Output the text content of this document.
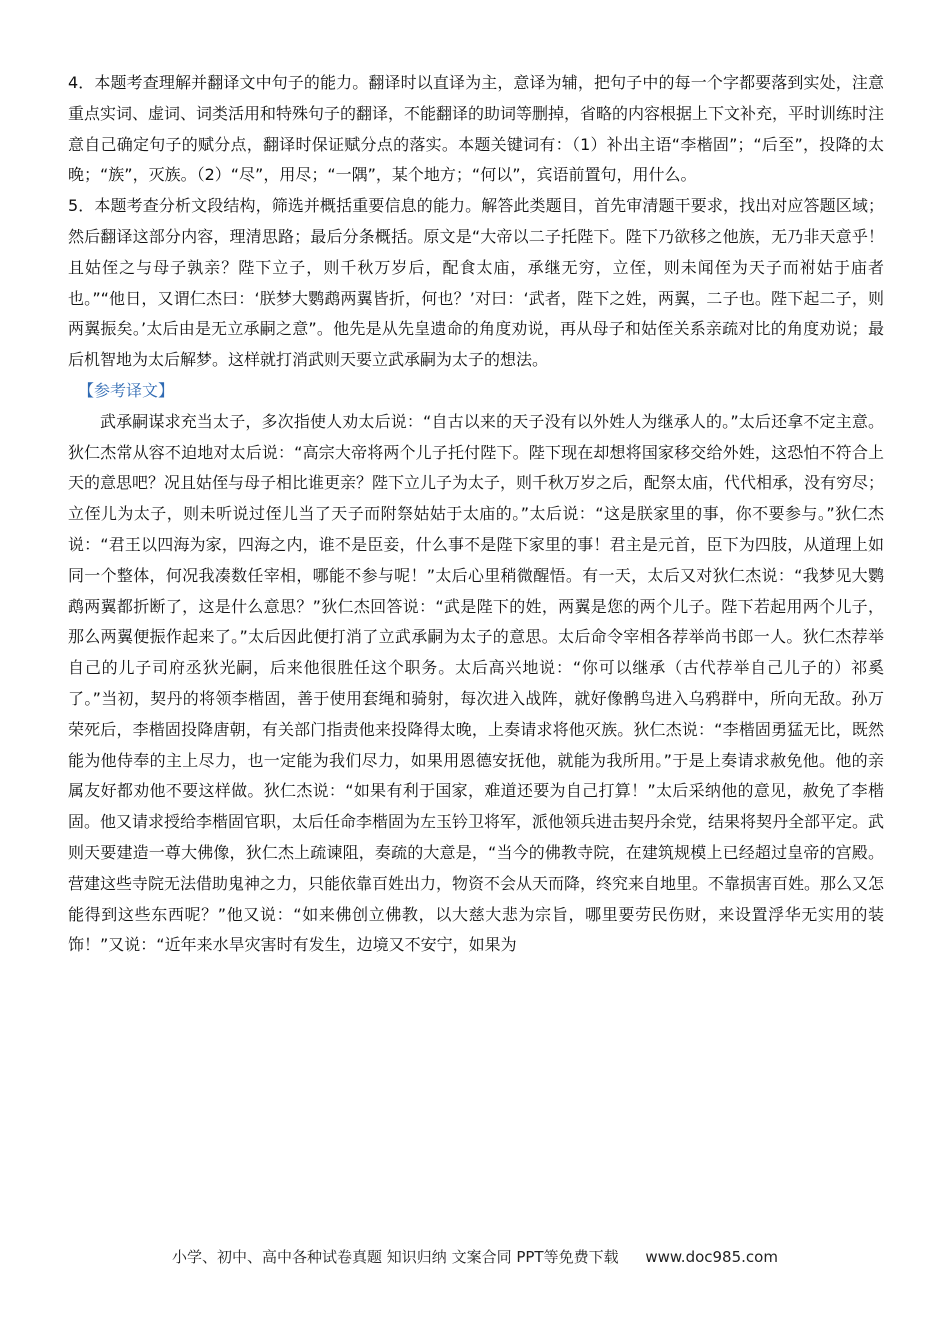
4．本题考查理解并翻译文中句子的能力。翻译时以直译为主，意译为辅，把句子中的每一个字都要落到实处，注意重点实词、虚词、词类活用和特殊句子的翻译，不能翻译的助词等删掉，省略的内容根据上下文补充，平时训练时注意自己确定句子的赋分点，翻译时保证赋分点的落实。本题关键词有：（1）补出主语“李楷固”；“后至”，投降的太晚；“族”，灭族。（2）“尽”，用尽；“一隅”，某个地方；“何以”，宾语前置句，用什么。

5．本题考查分析文段结构，筛选并概括重要信息的能力。解答此类题目，首先审清题干要求，找出对应答题区域；然后翻译这部分内容，理清思路；最后分条概括。原文是“大帝以二子托陛下。陛下乃欲移之他族，无乃非天意乎！且姑侄之与母子孰亲？陛下立子，则千秋万岁后，配食太庙，承继无穷，立侄，则未闻侄为天子而祔姑于庙者也。”“他日，又谓仁杰曰：‘朕梦大鹦鹉两翼皆折，何也？’对曰：‘武者，陛下之姓，两翼，二子也。陛下起二子，则两翼振矣。’太后由是无立承嗣之意”。他先是从先皇遗命的角度劝说，再从母子和姑侄关系亲疏对比的角度劝说；最后机智地为太后解梦。这样就打消武则天要立武承嗣为太子的想法。

【参考译文】

武承嗣谋求充当太子，多次指使人劝太后说：“自古以来的天子没有以外姓人为继承人的。”太后还拿不定主意。狄仁杰常从容不迫地对太后说：“高宗大帝将两个儿子托付陛下。陛下现在却想将国家移交给外姓，这恐怕不符合上天的意思吧？况且姑侄与母子相比谁更亲？陛下立儿子为太子，则千秋万岁之后，配祭太庙，代代相承，没有穷尽；立侄儿为太子，则未听说过侄儿当了天子而附祭姑姑于太庙的。”太后说：“这是朕家里的事，你不要参与。”狄仁杰说：“君王以四海为家，四海之内，谁不是臣妾，什么事不是陛下家里的事！君主是元首，臣下为四肢，从道理上如同一个整体，何况我凑数任宰相，哪能不参与呢！”太后心里稍微醒悟。有一天，太后又对狄仁杰说：“我梦见大鹦鹉两翼都折断了，这是什么意思？”狄仁杰回答说：“武是陛下的姓，两翼是您的两个儿子。陛下若起用两个儿子，那么两翼便振作起来了。”太后因此便打消了立武承嗣为太子的意思。太后命令宰相各荐举尚书郎一人。狄仁杰荐举自己的儿子司府丞狄光嗣，后来他很胜任这个职务。太后高兴地说：“你可以继承（古代荐举自己儿子的）祁奚了。”当初，契丹的将领李楷固，善于使用套绳和骑射，每次进入战阵，就好像鹘鸟进入乌鸦群中，所向无敌。孙万荣死后，李楷固投降唐朝，有关部门指责他来投降得太晚，上奏请求将他灭族。狄仁杰说：“李楷固勇猛无比，既然能为他侍奉的主上尽力，也一定能为我们尽力，如果用恩德安抚他，就能为我所用。”于是上奏请求赦免他。他的亲属友好都劝他不要这样做。狄仁杰说：“如果有利于国家，难道还要为自己打算！”太后采纳他的意见，赦免了李楷固。他又请求授给李楷固官职，太后任命李楷固为左玉钤卫将军，派他领兵进击契丹余党，结果将契丹全部平定。武则天要建造一尊大佛像，狄仁杰上疏谏阻，奏疏的大意是，“当今的佛教寺院，在建筑规模上已经超过皇帝的宫殿。营建这些寺院无法借助鬼神之力，只能依靠百姓出力，物资不会从天而降，终究来自地里。不靠损害百姓。那么又怎能得到这些东西呢？”他又说：“如来佛创立佛教，以大慈大悲为宗旨，哪里要劳民伤财，来设置浮华无实用的装饰！”又说：“近年来水旱灾害时有发生，边境又不安宁，如果为

小学、初中、高中各种试卷真题 知识归纳 文案合同 PPT等免费下载 www.doc985.com
